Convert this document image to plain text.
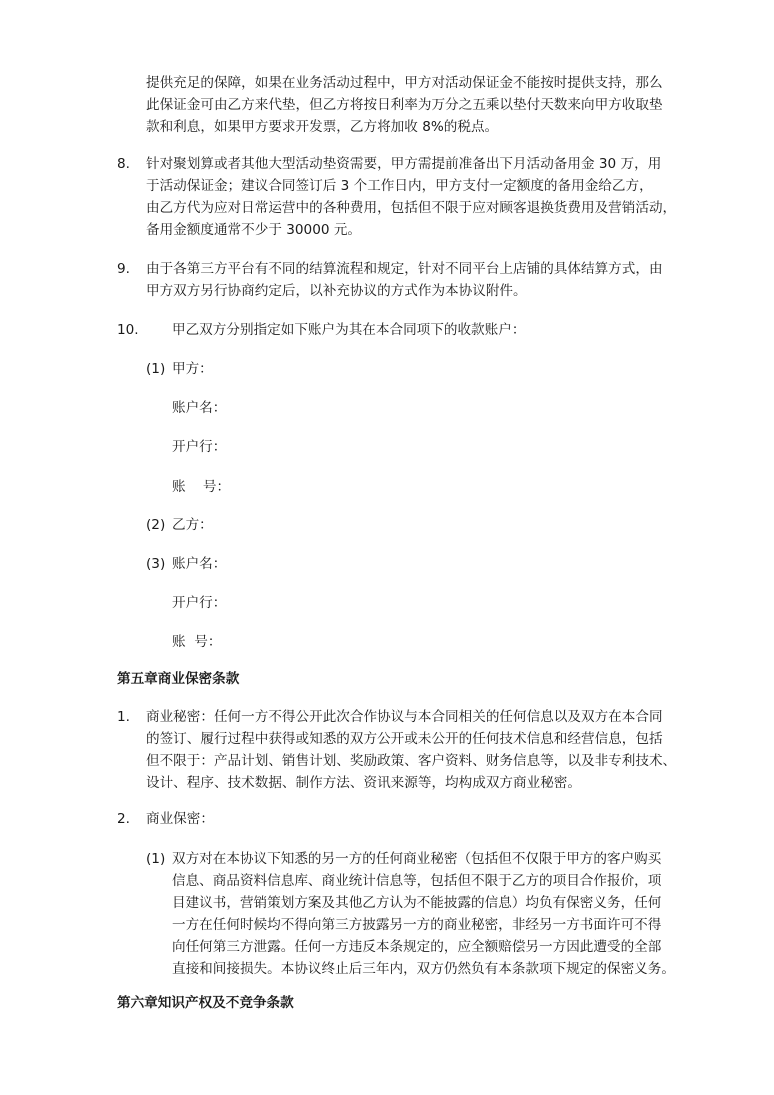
提供充足的保障，如果在业务活动过程中，甲方对活动保证金不能按时提供支持，那么
此保证金可由乙方来代垫，但乙方将按日利率为万分之五乘以垫付天数来向甲方收取垫
款和利息，如果甲方要求开发票，乙方将加收 8%的税点。
8. 针对聚划算或者其他大型活动垫资需要，甲方需提前准备出下月活动备用金 30 万，用
于活动保证金；建议合同签订后 3 个工作日内，甲方支付一定额度的备用金给乙方，
由乙方代为应对日常运营中的各种费用，包括但不限于应对顾客退换货费用及营销活动，
备用金额度通常不少于 30000 元。
9. 由于各第三方平台有不同的结算流程和规定，针对不同平台上店铺的具体结算方式，由
甲方双方另行协商约定后，以补充协议的方式作为本协议附件。
10. 甲乙双方分别指定如下账户为其在本合同项下的收款账户：
(1) 甲方：
账户名：
开户行：
账    号：
(2) 乙方：
(3) 账户名：
开户行：
账  号：
第五章商业保密条款
1. 商业秘密：任何一方不得公开此次合作协议与本合同相关的任何信息以及双方在本合同
的签订、履行过程中获得或知悉的双方公开或未公开的任何技术信息和经营信息，包括
但不限于：产品计划、销售计划、奖励政策、客户资料、财务信息等，以及非专利技术、
设计、程序、技术数据、制作方法、资讯来源等，均构成双方商业秘密。
2. 商业保密：
(1) 双方对在本协议下知悉的另一方的任何商业秘密（包括但不仅限于甲方的客户购买
信息、商品资料信息库、商业统计信息等，包括但不限于乙方的项目合作报价，项
目建议书，营销策划方案及其他乙方认为不能披露的信息）均负有保密义务，任何
一方在任何时候均不得向第三方披露另一方的商业秘密，非经另一方书面许可不得
向任何第三方泄露。任何一方违反本条规定的，应全额赔偿另一方因此遭受的全部
直接和间接损失。本协议终止后三年内，双方仍然负有本条款项下规定的保密义务。
第六章知识产权及不竞争条款
